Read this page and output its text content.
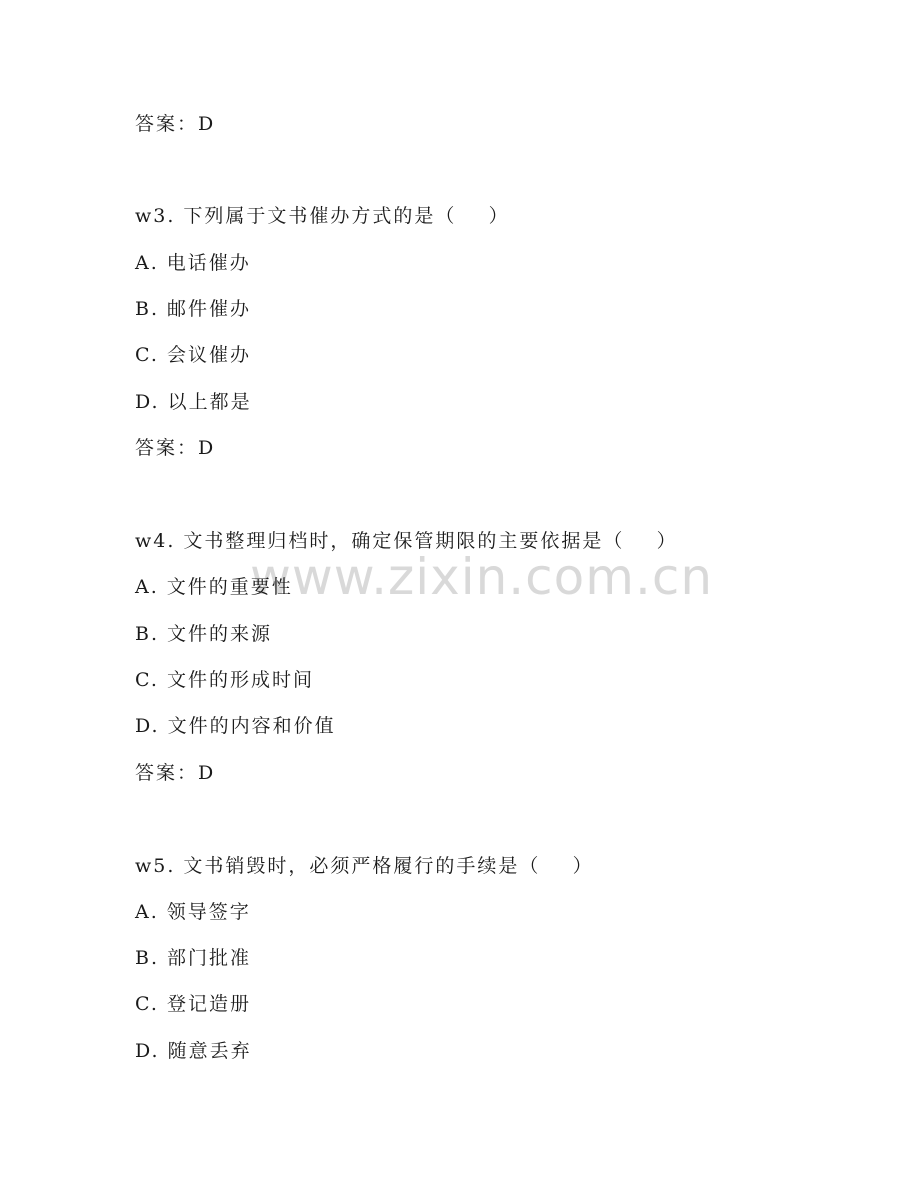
www.zixin.com.cn
答案：D
w3. 下列属于文书催办方式的是（    ）
A. 电话催办
B. 邮件催办
C. 会议催办
D. 以上都是
答案：D
w4. 文书整理归档时，确定保管期限的主要依据是（    ）
A. 文件的重要性
B. 文件的来源
C. 文件的形成时间
D. 文件的内容和价值
答案：D
w5. 文书销毁时，必须严格履行的手续是（    ）
A. 领导签字
B. 部门批准
C. 登记造册
D. 随意丢弃
